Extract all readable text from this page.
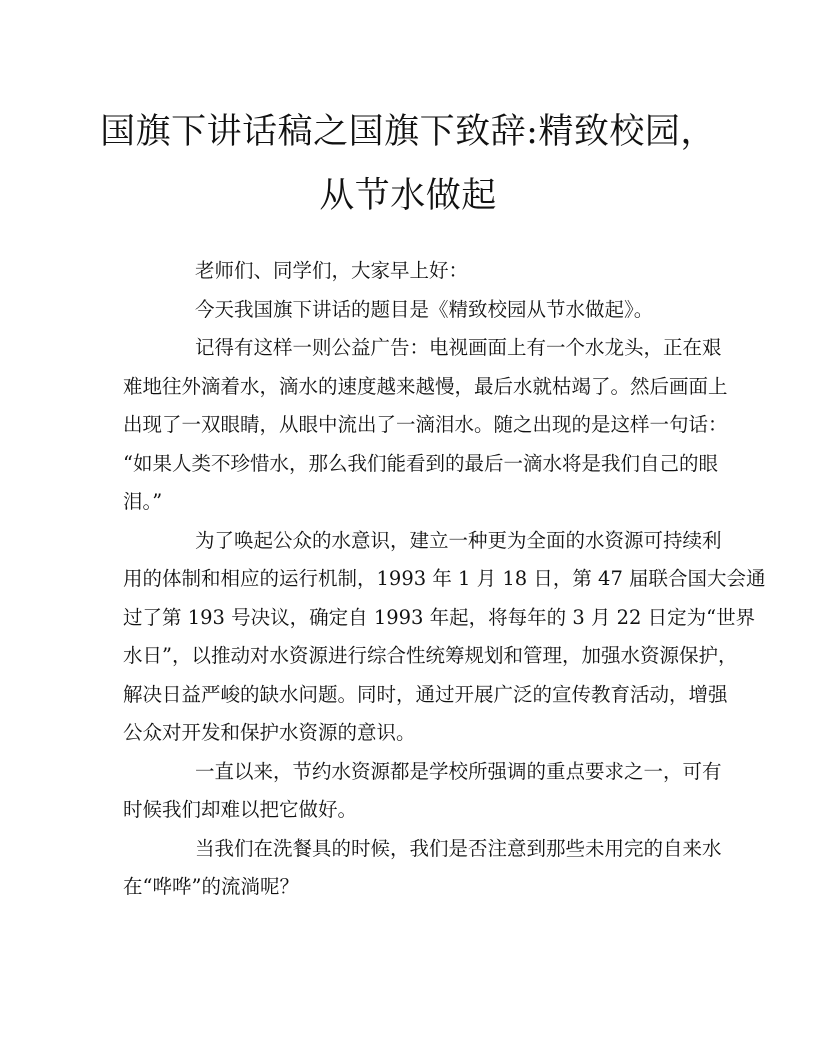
国旗下讲话稿之国旗下致辞:精致校园，
从节水做起
老师们、同学们，大家早上好：
今天我国旗下讲话的题目是《精致校园从节水做起》。
记得有这样一则公益广告：电视画面上有一个水龙头，正在艰
难地往外滴着水，滴水的速度越来越慢，最后水就枯竭了。然后画面上
出现了一双眼睛，从眼中流出了一滴泪水。随之出现的是这样一句话：
“如果人类不珍惜水，那么我们能看到的最后一滴水将是我们自己的眼
泪。”
为了唤起公众的水意识，建立一种更为全面的水资源可持续利
用的体制和相应的运行机制，1993 年 1 月 18 日，第 47 届联合国大会通
过了第 193 号决议，确定自 1993 年起，将每年的 3 月 22 日定为“世界
水日”，以推动对水资源进行综合性统筹规划和管理，加强水资源保护，
解决日益严峻的缺水问题。同时，通过开展广泛的宣传教育活动，增强
公众对开发和保护水资源的意识。
一直以来，节约水资源都是学校所强调的重点要求之一，可有
时候我们却难以把它做好。
当我们在洗餐具的时候，我们是否注意到那些未用完的自来水
在“哗哗”的流淌呢？
